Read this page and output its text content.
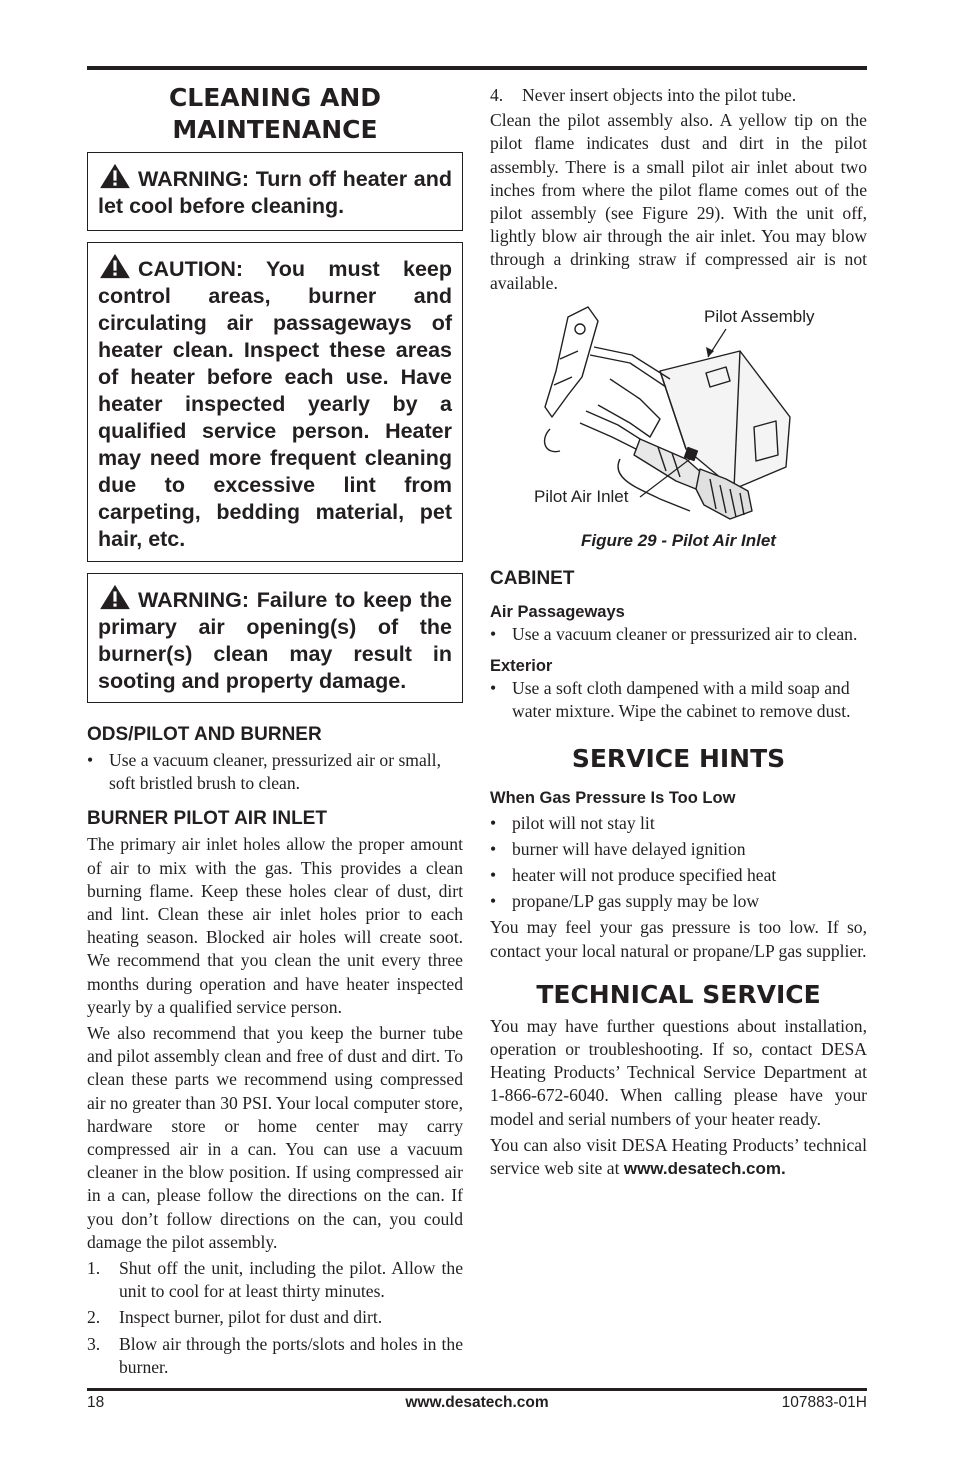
CLEANING AND MAINTENANCE
WARNING: Turn off heater and let cool before cleaning.
CAUTION: You must keep control areas, burner and circulating air passageways of heater clean. Inspect these areas of heater before each use. Have heater inspected yearly by a qualified service person. Heater may need more frequent cleaning due to excessive lint from carpeting, bedding material, pet hair, etc.
WARNING: Failure to keep the primary air opening(s) of the burner(s) clean may result in sooting and property damage.
ODS/PILOT AND BURNER
• Use a vacuum cleaner, pressurized air or small, soft bristled brush to clean.
BURNER PILOT AIR INLET

The primary air inlet holes allow the proper amount of air to mix with the gas. This provides a clean burning flame. Keep these holes clear of dust, dirt and lint. Clean these air inlet holes prior to each heating season. Blocked air holes will create soot. We recommend that you clean the unit every three months during operation and have heater inspected yearly by a qualified service person.

We also recommend that you keep the burner tube and pilot assembly clean and free of dust and dirt. To clean these parts we recommend using compressed air no greater than 30 PSI. Your local computer store, hardware store or home center may carry compressed air in a can. You can use a vacuum cleaner in the blow position. If using compressed air in a can, please follow the directions on the can. If you don’t follow directions on the can, you could damage the pilot assembly.

1.	Shut off the unit, including the pilot. Allow the unit to cool for at least thirty minutes.
2.	Inspect burner, pilot for dust and dirt.
3.	Blow air through the ports/slots and holes in the burner.
4.	Never insert objects into the pilot tube.

Clean the pilot assembly also. A yellow tip on the pilot flame indicates dust and dirt in the pilot assembly. There is a small pilot air inlet about two inches from where the pilot flame comes out of the pilot assembly (see Figure 29). With the unit off, lightly blow air through the air inlet. You may blow through a drinking straw if compressed air is not available.

Pilot Assembly
Pilot Air Inlet
Figure 29 - Pilot Air Inlet
CABINET
Air Passageways
• Use a vacuum cleaner or pressurized air to clean.
Exterior
• Use a soft cloth dampened with a mild soap and water mixture. Wipe the cabinet to remove dust.
SERVICE HINTS
When Gas Pressure Is Too Low
• pilot will not stay lit
• burner will have delayed ignition
• heater will not produce specified heat
• propane/LP gas supply may be low

You may feel your gas pressure is too low. If so, contact your local natural or propane/LP gas supplier.

TECHNICAL SERVICE

You may have further questions about installation, operation or troubleshooting. If so, contact DESA Heating Products’ Technical Service Department at 1-866-672-6040. When calling please have your model and serial numbers of your heater ready.

You can also visit DESA Heating Products’ technical service web site at www.desatech.com.

18	www.desatech.com	107883-01H
